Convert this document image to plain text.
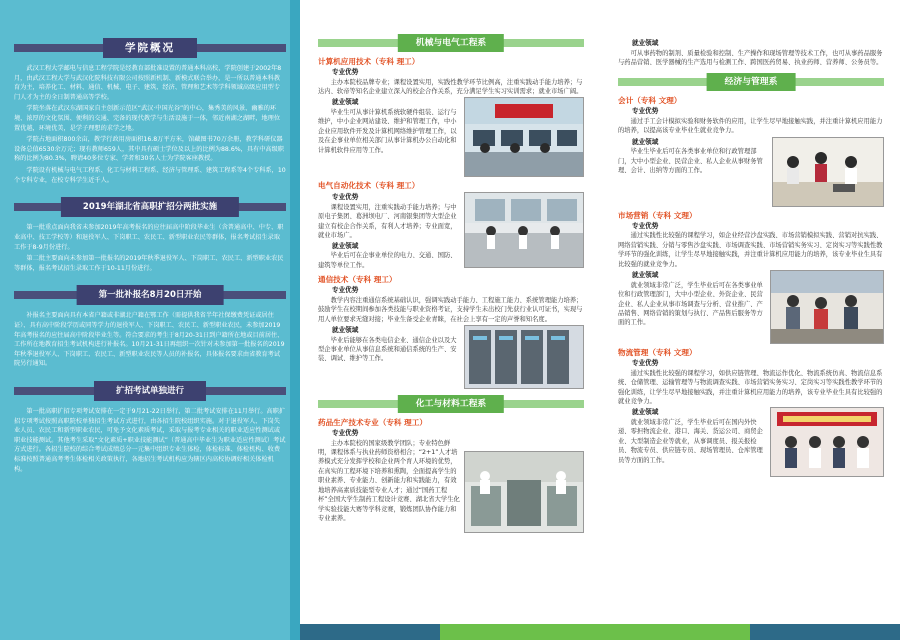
学院概况

武汉工程大学邮电与信息工程学院是经教育部批准设置的普通本科高校，学院创建于2002年8月，由武汉工程大学与武汉化院科技有限公司按照新机制、新模式联合举办，是一所以普通本科教育为主，培养化工、材料、通信、机械、电子、建筑、经济、管理和艺术等学科领域高级应用型专门人才为主的全日制普通高等学校。

学院坐落在武汉东湖国家自主创新示范区“武汉·中国光谷”的中心，集秀美的风景、幽雅的环境、浓厚的文化氛围、便利的交通、完备的现代教学与生活设施于一体，邻近南湖之湖畔，地理位置优越，环境优美，是学子理想的求学之地。

学院占地面积800余亩，教学行政用房面积16.8万平方米，馆藏图书70万余册，教学科研仪器设备总值6530余万元；现有教师659人，其中具有硕士学位及以上的比例为88.6%，具有中高级职称的比例为80.3%，聘请40多位专家、学者和30名人士为学院客座教授。

学院设有机械与电气工程系、化工与材料工程系、经济与管理系、建筑工程系等4个专科系，10个专科专业，在校专科学生近千人。

2019年湖北省高职扩招分两批实施

第一批重点面向我省未参加2019年高考报名的应往届高中阶段毕业生（含普通高中、中专、职业高中、技工学校等）和退役军人、下岗职工、农民工、新型职业农民等群体，报名考试招生录取工作于8-9月份进行。

第二批主要面向未参加第一批报名的2019年秋季退役军人、下岗职工、农民工、新型职业农民等群体，报名考试招生录取工作于10-11月份进行。

第一批补报名8月20日开始

补报名主要面向具有本省户籍或非湖北户籍在鄂工作（需提供我省半年社保缴费凭证或居住证）、具有高中阶段学历或同等学力的退役军人、下岗职工、农民工、新型职业农民，未参加2019年高考报名的应往届高中阶段毕业生等。符合要求的考生于8月20-31日到户籍所在地或目前居住、工作所在地教育招生考试机构进行补报名。10月21-31日再组织一次针对未参加第一批报名的2019年秋季退役军人、下岗职工、农民工、新型职业农民等人员的补报名，具体报名要求由省教育考试院另行通知。

扩招考试单独进行

第一批高职扩招专项考试安排在一定于9月21-22日举行，第二批考试安排在11月举行。高职扩招专项考试按照高职院校单独招生考试方式进行，由各招生院校组织实施。对于退役军人、下岗失业人员、农民工和新型职业农民，可免予文化素质考试，采取与报考专业相关的职业适应性测试或职业技能测试。其他考生采取“文化素质+职业技能测试”（普通高中毕业生为职业适应性测试）考试方式进行。各招生院校的综合考试成绩总分一元集中组织专业生体检，体检标准、体检机构、收费标准按照普通高考考生体检相关政策执行，各地招生考试机构应为辖区内高校协调好相关体检机构。

机械与电气工程系
计算机应用技术（专科 理工）
专业优势

主办本院校品牌专业；课程设置实用，实践性教学环节比例高，注重实践动手能力培养；与达内、软帝等知名企业建立深入的校企合作关系，充分满足学生实习实训需求；就业市场广阔。

就业领域

毕业生可从事计算机系统软硬件组装、运行与维护，中小企业网站建设、维护和管理工作，中小企业应用软件开发及计算机网络维护管理工作，以及在企事业单位相关部门从事计算机办公自动化和计算机软件应用等工作。

电气自动化技术（专科 理工）
专业优势

课程设置实用，注重实践动手能力培养；与中原电子集团、葛洲坝电厂、河南银集团等大型企业建立有校企合作关系，有利人才培养；专业面宽，就业市场广。

就业领域

毕业后可在企事业单位的电力、交通、国防、建筑等单位工作。

通信技术（专科 理工）
专业优势

教学内容注重通信系统基础认识，强调实践动手能力、工程施工能力、系统管理能力培养；鼓励学生在校期间参加各类技能与职业资格考证，支持学生未出校门先获行业认可证书，实现与用人单位要求无缝对接；毕业生备受企业青睐，在社会上享有一定的声誉和知名度。

就业领域

毕业后能够在各类电信企业、通信企业以及大型企事业单位从事信息系统和通信系统的生产、安装、调试、维护等工作。

化工与材料工程系
药品生产技术专业（专科 理工）
专业优势

主办本院校的国家级教学团队；专业特色鲜明，课程体系与执业药师资格相合；“2+1”人才培养模式充分发挥学校和企业两个育人环境的优势，在真实的工程环境下培养和熏陶，全面提高学生的职业素养、专业能力、创新能力和实践能力，有效地培养高素质技能型专业人才；通过“国药工程杯”全国大学生制药工程设计竞赛、湖北省大学生化学实验技能大赛等学科竞赛，锻炼团队协作能力和专业素养。

就业领域

可从事药物的制剂、质量检验和控制、生产操作和现场管理等技术工作，也可从事药品服务与药品营销、医学器械的生产选用与检测工作、跨国医药贸易、执业药师、营养师、公务员等。

经济与管理系
会计（专科 文理）
专业优势

通过手工会计模拟实验和财务软件的应用，让学生尽早地接触实践，并注重计算机应用能力的培养，以提高该专业毕业生就业竞争力。

就业领域

毕业生毕业后可在各类事业单位和行政管理部门，大中小型企业、民营企业、私人企业从事财务管理、会计、出纳等方面的工作。

市场营销（专科 文理）
专业优势

通过实践性比较强的课程学习，如企业经营沙盘实践、市场营销模拟实践、营销对抗实践、网络营销实践、分销与零售沙盘实践、市场调查实践、市场营销实务实习、定岗实习等实践性教学环节的强化训练，让学生尽早地接触实践，并注重计算机应用能力的培养，该专业毕业生具有比较强的就业竞争力。

就业领域

就业领域非常广泛，学生毕业后可在各类事业单位和行政管理部门，大中小型企业、外资企业、民营企业、私人企业从事市场调查与分析、营业推广、产品销售、网络营销的策划与执行、产品售后服务等方面的工作。

物流管理（专科 文理）
专业优势

通过实践性比较强的课程学习，如供应链管理、物流运作优化、物流系统仿真、物流信息系统、仓储管理、运输管理等与物流调查实践、市场营销实务实习、定岗实习等实践性教学环节的强化训练，让学生尽早地接触实践，并注重计算机应用能力的培养，该专业毕业生具有比较强的就业竞争力。

就业领域

就业领域非常广泛，学生毕业后可在国内外快递、零担物流企业、港口、海关、货运公司、商贸企业、大型制造企业等就业，从事调度员、报关报检员、物流专员、供应链专员、现场管理员、仓库管理员等方面的工作。
